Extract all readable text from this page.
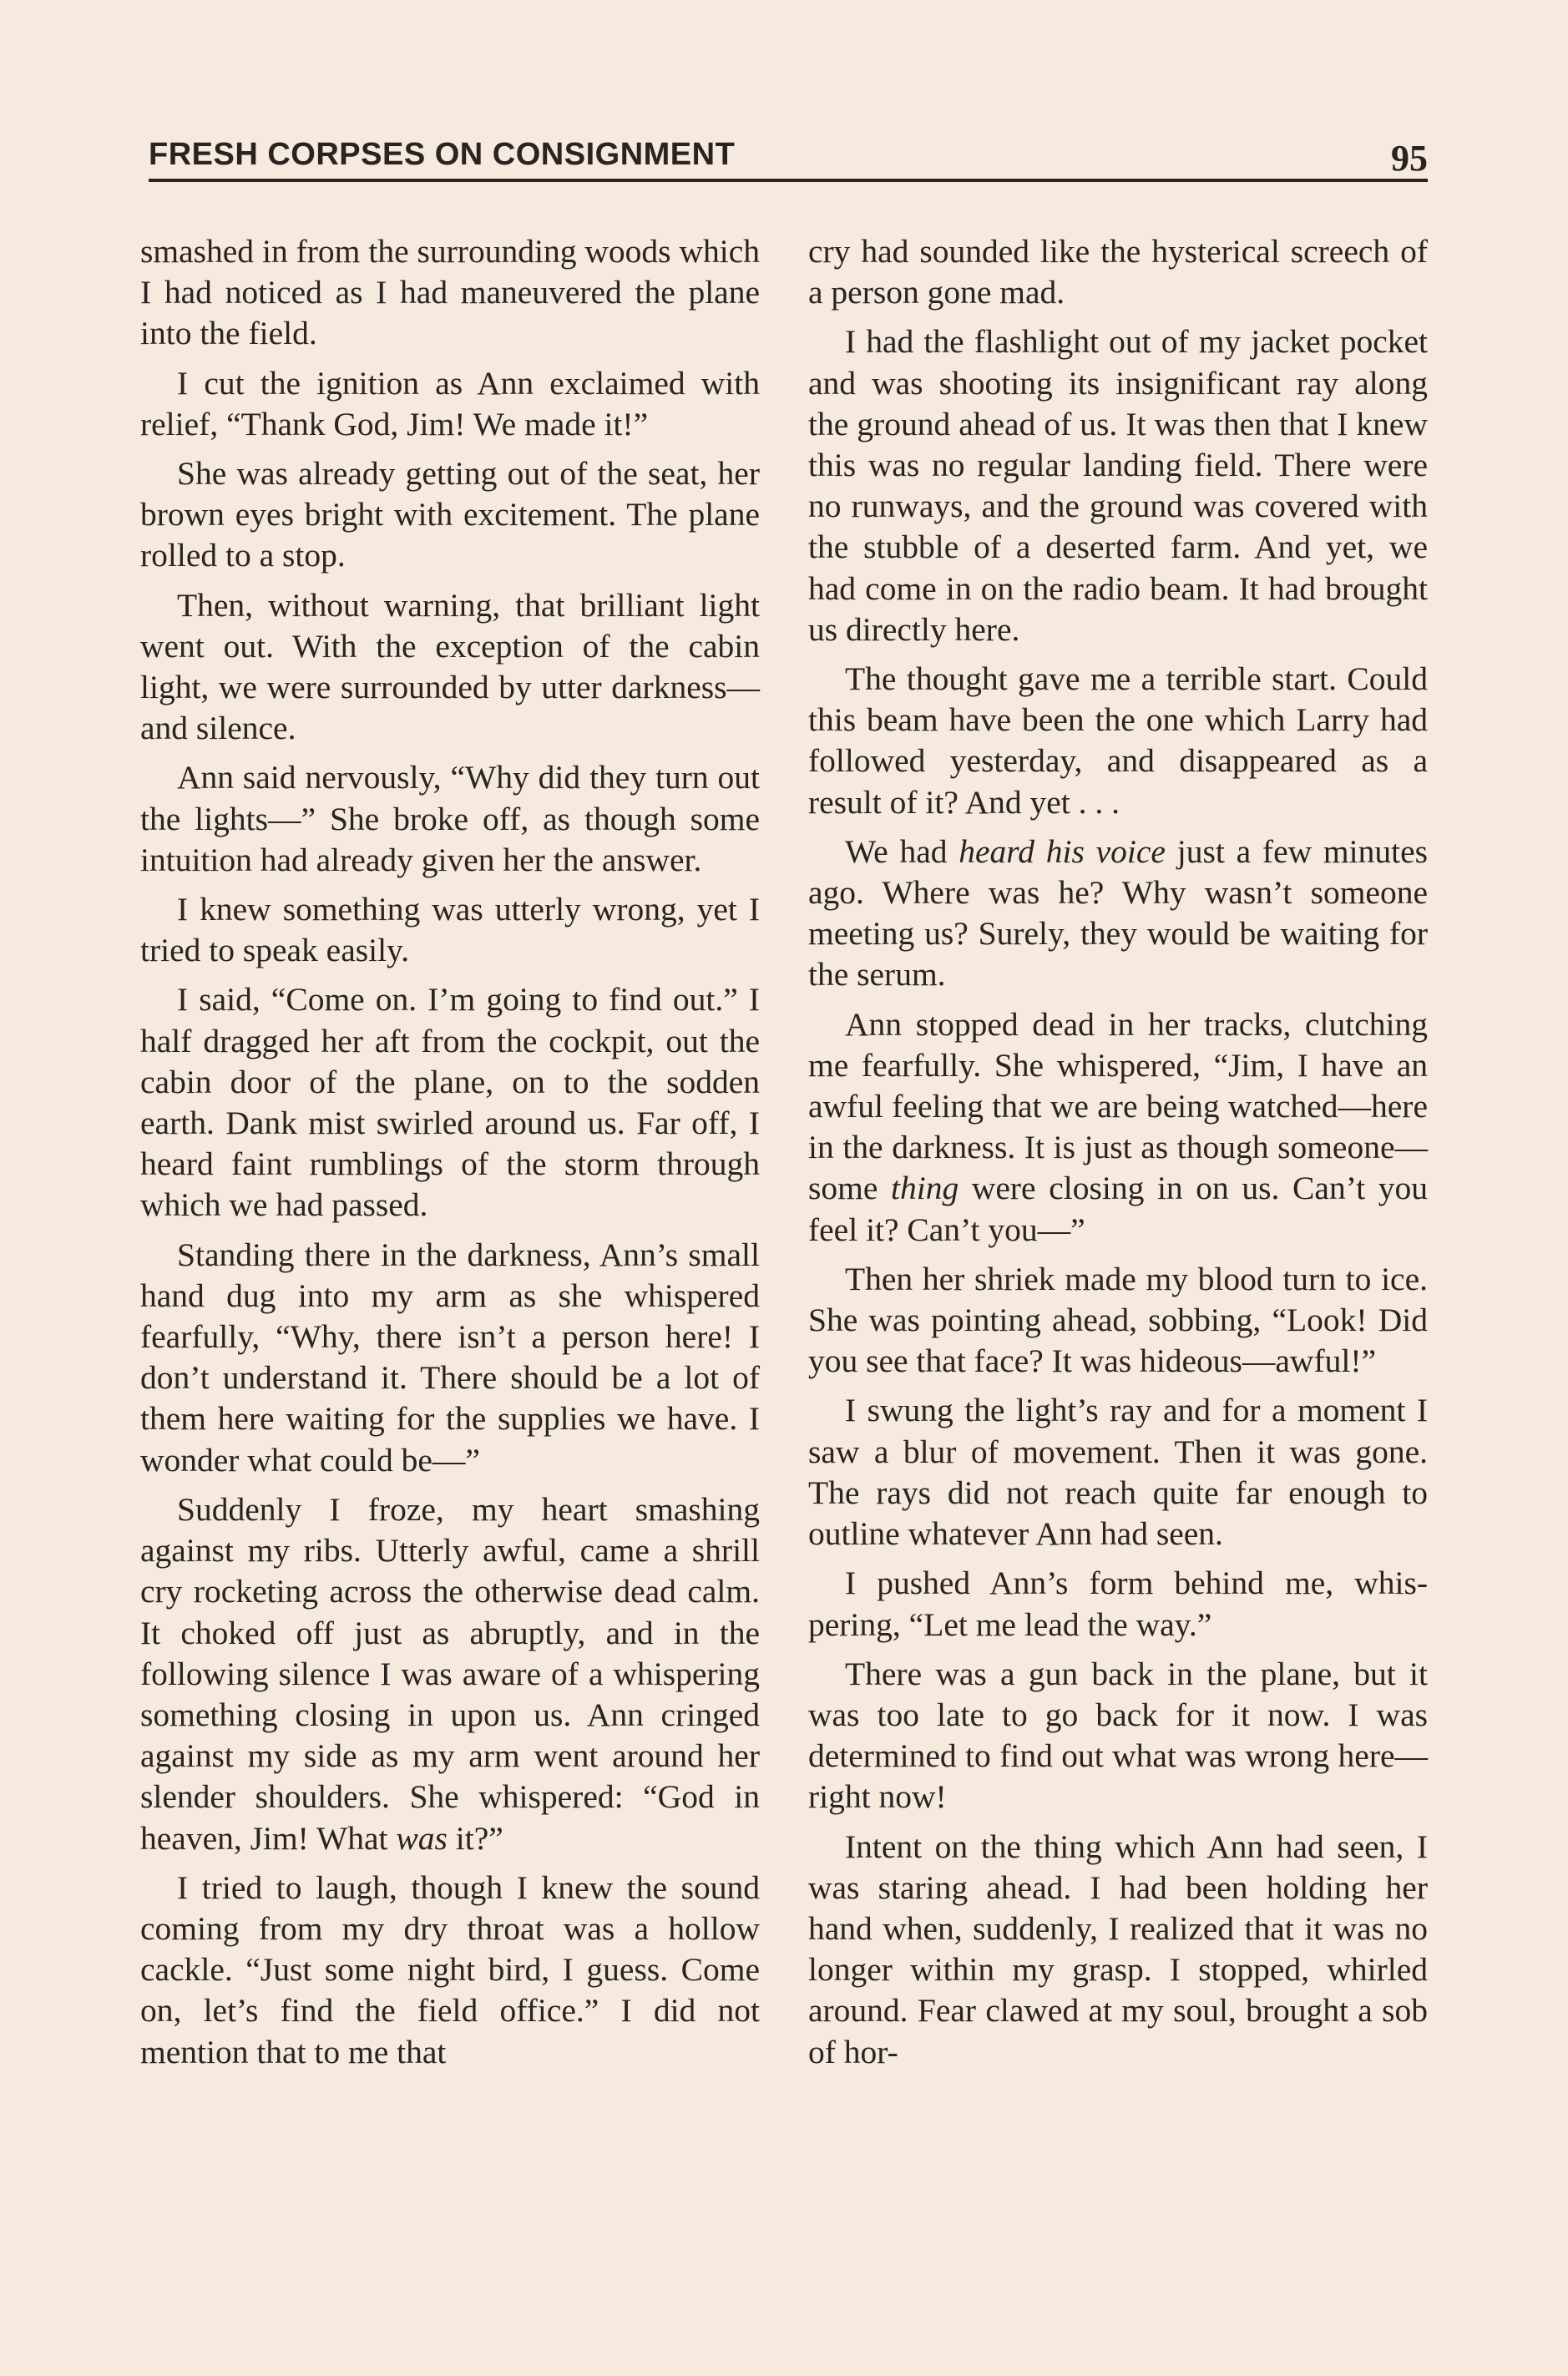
FRESH CORPSES ON CONSIGNMENT	95

smashed in from the surrounding woods which I had noticed as I had maneuvered the plane into the field.

I cut the ignition as Ann exclaimed with relief, “Thank God, Jim! We made it!”

She was already getting out of the seat, her brown eyes bright with excitement. The plane rolled to a stop.

Then, without warning, that brilliant light went out. With the exception of the cabin light, we were surrounded by utter darkness—and silence.

Ann said nervously, “Why did they turn out the lights—” She broke off, as though some intuition had already given her the answer.

I knew something was utterly wrong, yet I tried to speak easily.

I said, “Come on. I’m going to find out.” I half dragged her aft from the cockpit, out the cabin door of the plane, on to the sodden earth. Dank mist swirled around us. Far off, I heard faint rumblings of the storm through which we had passed.

Standing there in the darkness, Ann’s small hand dug into my arm as she whispered fearfully, “Why, there isn’t a person here! I don’t understand it. There should be a lot of them here waiting for the supplies we have. I wonder what could be—”

Suddenly I froze, my heart smashing against my ribs. Utterly awful, came a shrill cry rocketing across the otherwise dead calm. It choked off just as abruptly, and in the following silence I was aware of a whispering something closing in upon us. Ann cringed against my side as my arm went around her slender shoulders. She whispered: “God in heaven, Jim! What was it?”

I tried to laugh, though I knew the sound coming from my dry throat was a hollow cackle. “Just some night bird, I guess. Come on, let’s find the field office.” I did not mention that to me that

cry had sounded like the hysterical screech of a person gone mad.

I had the flashlight out of my jacket pocket and was shooting its insignificant ray along the ground ahead of us. It was then that I knew this was no regular landing field. There were no runways, and the ground was covered with the stubble of a deserted farm. And yet, we had come in on the radio beam. It had brought us directly here.

The thought gave me a terrible start. Could this beam have been the one which Larry had followed yesterday, and disappeared as a result of it? And yet . . .

We had heard his voice just a few minutes ago. Where was he? Why wasn’t someone meeting us? Surely, they would be waiting for the serum.

Ann stopped dead in her tracks, clutching me fearfully. She whispered, “Jim, I have an awful feeling that we are being watched—here in the darkness. It is just as though someone—some thing were closing in on us. Can’t you feel it? Can’t you—”

Then her shriek made my blood turn to ice. She was pointing ahead, sobbing, “Look! Did you see that face? It was hideous—awful!”

I swung the light’s ray and for a moment I saw a blur of movement. Then it was gone. The rays did not reach quite far enough to outline whatever Ann had seen.

I pushed Ann’s form behind me, whispering, “Let me lead the way.”

There was a gun back in the plane, but it was too late to go back for it now. I was determined to find out what was wrong here—right now!

Intent on the thing which Ann had seen, I was staring ahead. I had been holding her hand when, suddenly, I realized that it was no longer within my grasp. I stopped, whirled around. Fear clawed at my soul, brought a sob of hor-
